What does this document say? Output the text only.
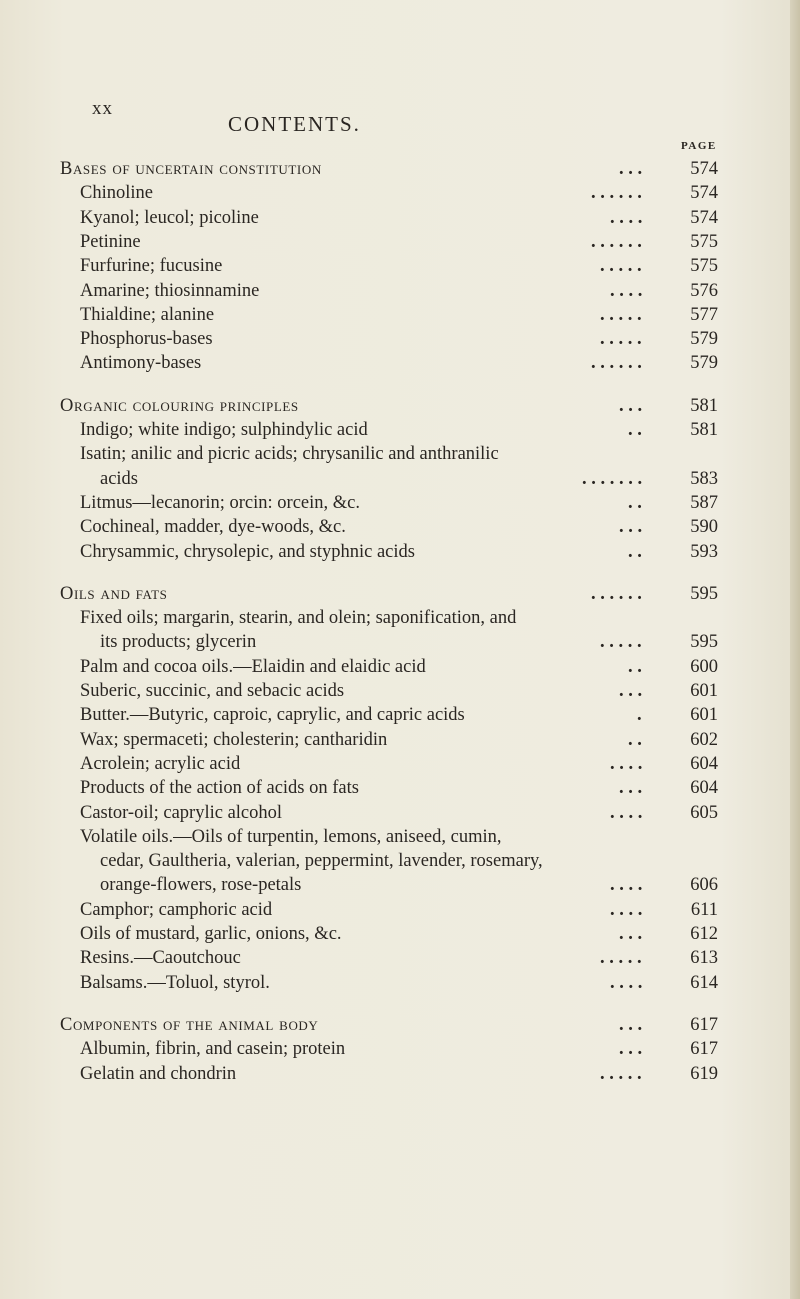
xx
CONTENTS.
PAGE
Bases of uncertain constitution	. . .	574
Chinoline	. . . . . .	574
Kyanol; leucol; picoline	. . . .	574
Petinine	. . . . . .	575
Furfurine; fucusine	. . . . .	575
Amarine; thiosinnamine	. . . .	576
Thialdine; alanine	. . . . .	577
Phosphorus-bases	. . . . .	579
Antimony-bases	. . . . . .	579
Organic colouring principles	. . .	581
Indigo; white indigo; sulphindylic acid	. .	581
Isatin; anilic and picric acids; chrysanilic and anthranilic
acids	. . . . . . .	583
Litmus—lecanorin; orcin: orcein, &c.	. .	587
Cochineal, madder, dye-woods, &c.	. . .	590
Chrysammic, chrysolepic, and styphnic acids	. .	593
Oils and fats	. . . . . .	595
Fixed oils; margarin, stearin, and olein; saponification, and
its products; glycerin	. . . . .	595
Palm and cocoa oils.—Elaidin and elaidic acid	. .	600
Suberic, succinic, and sebacic acids	. . .	601
Butter.—Butyric, caproic, caprylic, and capric acids	.	601
Wax; spermaceti; cholesterin; cantharidin	. .	602
Acrolein; acrylic acid	. . . .	604
Products of the action of acids on fats	. . .	604
Castor-oil; caprylic alcohol	. . . .	605
Volatile oils.—Oils of turpentin, lemons, aniseed, cumin,
cedar, Gaultheria, valerian, peppermint, lavender, rosemary,
orange-flowers, rose-petals	. . . .	606
Camphor; camphoric acid	. . . .	611
Oils of mustard, garlic, onions, &c.	. . .	612
Resins.—Caoutchouc	. . . . .	613
Balsams.—Toluol, styrol.	. . . .	614
Components of the animal body	. . .	617
Albumin, fibrin, and casein; protein	. . .	617
Gelatin and chondrin	. . . . .	619
